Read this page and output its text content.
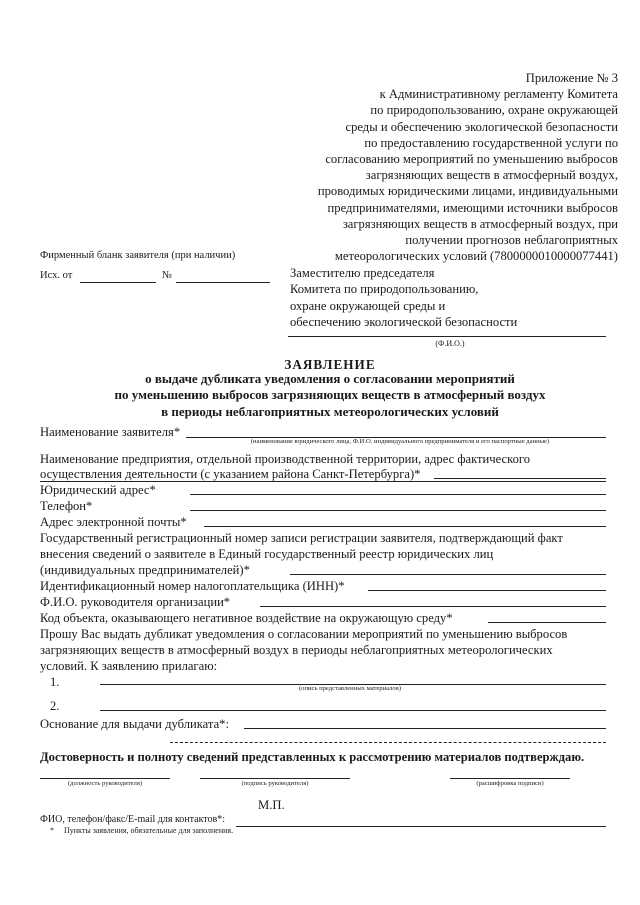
Приложение № 3
к Административному регламенту Комитета
по природопользованию, охране окружающей
среды и обеспечению экологической безопасности
по предоставлению государственной услуги по
согласованию мероприятий по уменьшению выбросов
загрязняющих веществ в атмосферный воздух,
проводимых юридическими лицами, индивидуальными
предпринимателями, имеющими источники выбросов
загрязняющих веществ в атмосферный воздух, при
получении прогнозов неблагоприятных
метеорологических условий (7800000010000077441)
Фирменный бланк заявителя (при наличии)
Исх. от	№	Заместителю председателя
Комитета по природопользованию,
охране окружающей среды и
обеспечению экологической безопасности
(Ф.И.О.)
ЗАЯВЛЕНИЕ
о выдаче дубликата уведомления о согласовании мероприятий
по уменьшению выбросов загрязняющих веществ в атмосферный воздух
в периоды неблагоприятных метеорологических условий
Наименование заявителя*
(наименование юридического лица, Ф.И.О. индивидуального предпринимателя и его паспортные данные)
Наименование предприятия, отдельной производственной территории, адрес фактического
осуществления деятельности (с указанием района Санкт-Петербурга)*
Юридический адрес*
Телефон*
Адрес электронной почты*
Государственный регистрационный номер записи регистрации заявителя, подтверждающий факт
внесения сведений о заявителе в Единый государственный реестр юридических лиц
(индивидуальных предпринимателей)*
Идентификационный номер налогоплательщика (ИНН)*
Ф.И.О. руководителя организации*
Код объекта, оказывающего негативное воздействие на окружающую среду*
Прошу Вас выдать дубликат уведомления о согласовании мероприятий по уменьшению выбросов
загрязняющих веществ в атмосферный воздух в периоды неблагоприятных метеорологических
условий. К заявлению прилагаю:
1.	(опись представленных материалов)
2.
Основание для выдачи дубликата*:
Достоверность и полноту сведений представленных к рассмотрению материалов подтверждаю.
(должность руководителя)	(подпись руководителя)	(расшифровка подписи)
М.П.
ФИО, телефон/факс/E-mail для контактов*:
* Пункты заявления, обязательные для заполнения.
